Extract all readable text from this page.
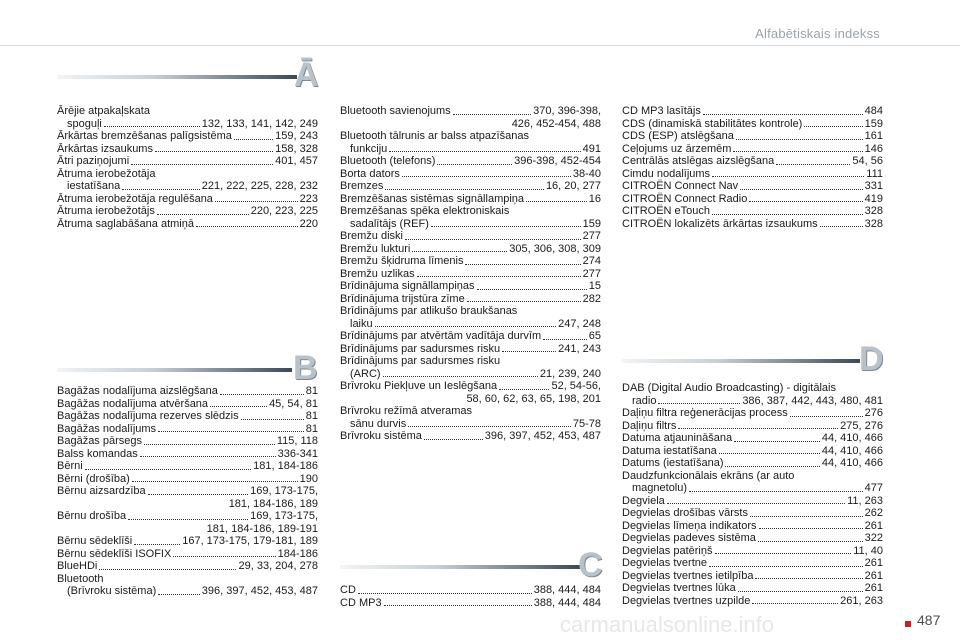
Alfabētiskais indekss
Ā
B
C
D
Ārējie atpakaļskata
spoguļi	132, 133, 141, 142, 249
Ārkārtas bremzēšanas palīgsistēma	159, 243
Ārkārtas izsaukums	158, 328
Ātri paziņojumi	401, 457
Ātruma ierobežotāja
iestatīšana	221, 222, 225, 228, 232
Ātruma ierobežotāja regulēšana	223
Ātruma ierobežotājs	220, 223, 225
Ātruma saglabāšana atmiņā	220
Bagāžas nodalījuma aizslēgšana	81
Bagāžas nodalījuma atvēršana	45, 54, 81
Bagāžas nodalījuma rezerves slēdzis	81
Bagāžas nodalījums	81
Bagāžas pārsegs	115, 118
Balss komandas	336-341
Bērni	181, 184-186
Bērni (drošība)	190
Bērnu aizsardzība	169, 173-175,
181, 184-186, 189
Bērnu drošība	169, 173-175,
181, 184-186, 189-191
Bērnu sēdeklīši	167, 173-175, 179-181, 189
Bērnu sēdeklīši ISOFIX	184-186
BlueHDi	29, 33, 204, 278
Bluetooth
(Brīvroku sistēma)	396, 397, 452, 453, 487
Bluetooth savienojums	370, 396-398,
426, 452-454, 488
Bluetooth tālrunis ar balss atpazīšanas
funkciju	491
Bluetooth (telefons)	396-398, 452-454
Borta dators	38-40
Bremzes	16, 20, 277
Bremzēšanas sistēmas signāllampiņa	16
Bremzēšanas spēka elektroniskais
sadalītājs (REF)	159
Bremžu diski	277
Bremžu lukturi	305, 306, 308, 309
Bremžu šķidruma līmenis	274
Bremžu uzlikas	277
Brīdinājuma signāllampiņas	15
Brīdinājuma trijstūra zīme	282
Brīdinājums par atlikušo braukšanas
laiku	247, 248
Brīdinājums par atvērtām vadītāja durvīm	65
Brīdinājums par sadursmes risku	241, 243
Brīdinājums par sadursmes risku
(ARC)	21, 239, 240
Brīvroku Piekļuve un Ieslēgšana	52, 54-56,
58, 60, 62, 63, 65, 198, 201
Brīvroku režīmā atveramas
sānu durvis	75-78
Brīvroku sistēma	396, 397, 452, 453, 487
CD	388, 444, 484
CD MP3	388, 444, 484
CD MP3 lasītājs	484
CDS (dinamiskā stabilitātes kontrole)	159
CDS (ESP) atslēgšana	161
Ceļojums uz ārzemēm	146
Centrālās atslēgas aizslēgšana	54, 56
Cimdu nodalījums	111
CITROËN Connect Nav	331
CITROËN Connect Radio	419
CITROËN eTouch	328
CITROËN lokalizēts ārkārtas izsaukums	328
DAB (Digital Audio Broadcasting) - digitālais
radio	386, 387, 442, 443, 480, 481
Daļiņu filtra reģenerācijas process	276
Daļiņu filtrs	275, 276
Datuma atjaunināšana	44, 410, 466
Datuma iestatīšana	44, 410, 466
Datums (iestatīšana)	44, 410, 466
Daudzfunkcionālais ekrāns (ar auto
magnetolu)	477
Degviela	11, 263
Degvielas drošības vārsts	262
Degvielas līmeņa indikators	261
Degvielas padeves sistēma	322
Degvielas patēriņš	11, 40
Degvielas tvertne	261
Degvielas tvertnes ietilpība	261
Degvielas tvertnes lūka	261
Degvielas tvertnes uzpilde	261, 263
carmanualsonline.info	487
